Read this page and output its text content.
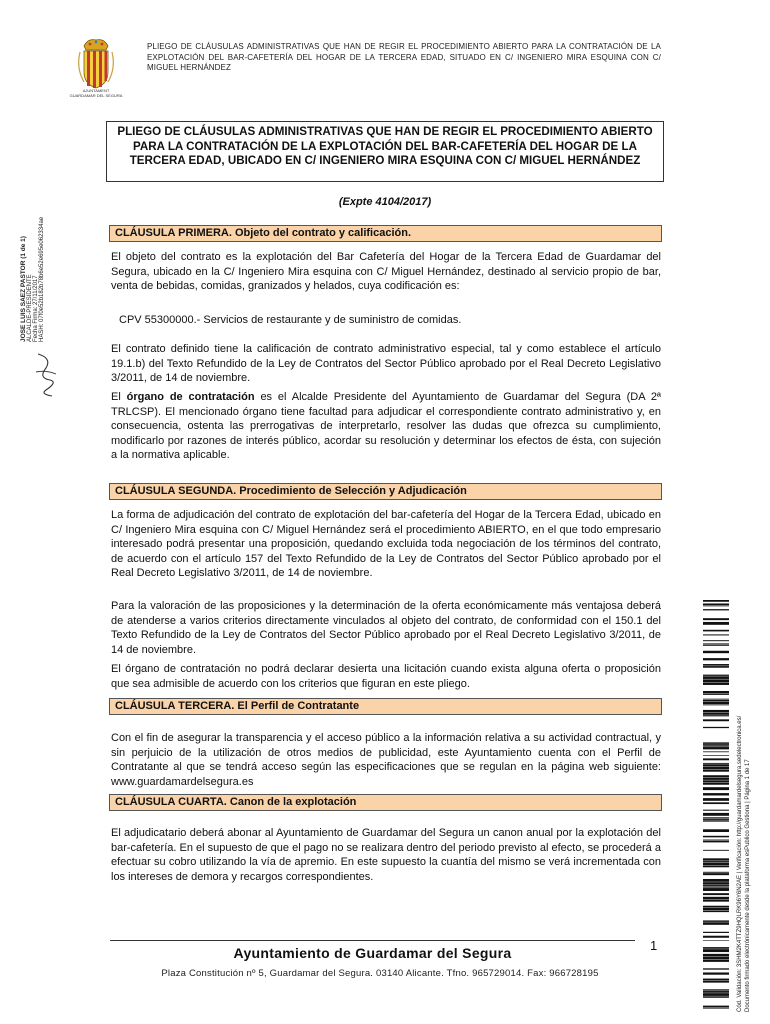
AJUNTAMENT
GUARDAMAR DEL SEGURA
PLIEGO DE CLÁUSULAS ADMINISTRATIVAS QUE HAN DE REGIR EL PROCEDIMIENTO ABIERTO PARA LA CONTRATACIÓN DE LA EXPLOTACIÓN DEL BAR-CAFETERÍA DEL HOGAR DE LA TERCERA EDAD, SITUADO EN C/ INGENIERO MIRA ESQUINA CON C/ MIGUEL HERNÁNDEZ
PLIEGO DE CLÁUSULAS ADMINISTRATIVAS QUE HAN DE REGIR EL PROCEDIMIENTO ABIERTO PARA LA CONTRATACIÓN DE LA EXPLOTACIÓN DEL BAR-CAFETERÍA DEL HOGAR DE LA TERCERA EDAD, UBICADO EN C/ INGENIERO MIRA ESQUINA CON C/ MIGUEL HERNÁNDEZ
(Expte 4104/2017)
CLÁUSULA PRIMERA. Objeto del contrato y calificación.
El objeto del contrato es la explotación del Bar Cafetería del Hogar de la Tercera Edad de Guardamar del Segura, ubicado en la C/ Ingeniero Mira esquina con C/ Miguel Hernández, destinado al servicio propio de bar, venta de bebidas, comidas, granizados y helados, cuya codificación es:
CPV 55300000.- Servicios de restaurante y de suministro de comidas.
El contrato definido tiene la calificación de contrato administrativo especial, tal y como establece el artículo 19.1.b) del Texto Refundido de la Ley de Contratos del Sector Público aprobado por el Real Decreto Legislativo 3/2011, de 14 de noviembre.
El órgano de contratación es el Alcalde Presidente del Ayuntamiento de Guardamar del Segura (DA 2ª TRLCSP). El mencionado órgano tiene facultad para adjudicar el correspondiente contrato administrativo y, en consecuencia, ostenta las prerrogativas de interpretarlo, resolver las dudas que ofrezca su cumplimiento, modificarlo por razones de interés público, acordar su resolución y determinar los efectos de ésta, con sujeción a la normativa aplicable.
CLÁUSULA SEGUNDA. Procedimiento de Selección y Adjudicación
La forma de adjudicación del contrato de explotación del bar-cafetería del Hogar de la Tercera Edad, ubicado en C/ Ingeniero Mira esquina con C/ Miguel Hernández será el procedimiento ABIERTO, en el que todo empresario interesado podrá presentar una proposición, quedando excluida toda negociación de los términos del contrato, de acuerdo con el artículo 157 del Texto Refundido de la Ley de Contratos del Sector Público aprobado por el Real Decreto Legislativo 3/2011, de 14 de noviembre.
Para la valoración de las proposiciones y la determinación de la oferta económicamente más ventajosa deberá de atenderse a varios criterios directamente vinculados al objeto del contrato, de conformidad con el 150.1 del Texto Refundido de la Ley de Contratos del Sector Público aprobado por el Real Decreto Legislativo 3/2011, de 14 de noviembre.
El órgano de contratación no podrá declarar desierta una licitación cuando exista alguna oferta o proposición que sea admisible de acuerdo con los criterios que figuran en este pliego.
CLÁUSULA TERCERA. El Perfil de Contratante
Con el fin de asegurar la transparencia y el acceso público a la información relativa a su actividad contractual, y sin perjuicio de la utilización de otros medios de publicidad, este Ayuntamiento cuenta con el Perfil de Contratante al que se tendrá acceso según las especificaciones que se regulan en la página web siguiente: www.guardamardelsegura.es
CLÁUSULA CUARTA. Canon de la explotación
El adjudicatario deberá abonar al Ayuntamiento de Guardamar del Segura un canon anual por la explotación del bar-cafetería. En el supuesto de que el pago no se realizara dentro del periodo previsto al efecto, se procederá a efectuar su cobro utilizando la vía de apremio. En este supuesto la cuantía del mismo se verá incrementada con los intereses de demora y recargos correspondientes.
JOSE LUIS SAEZ PASTOR (1 de 1) ALCALDE-PRESIDENTE Fecha Firma: 27/11/2017 HASH: 07f0e52b182b78b6e52e695e062334ae
Cód. Validación: 3SHM2K4TTZ9HQLRK96Y6N2AE | Verificación: http://guardamardelsegura.sedelectronica.es/ Documento firmado electrónicamente desde la plataforma esPublico Gestiona | Página 1 de 17
1
Ayuntamiento de Guardamar del Segura
Plaza Constitución nº 5, Guardamar del Segura. 03140 Alicante. Tfno. 965729014. Fax: 966728195
